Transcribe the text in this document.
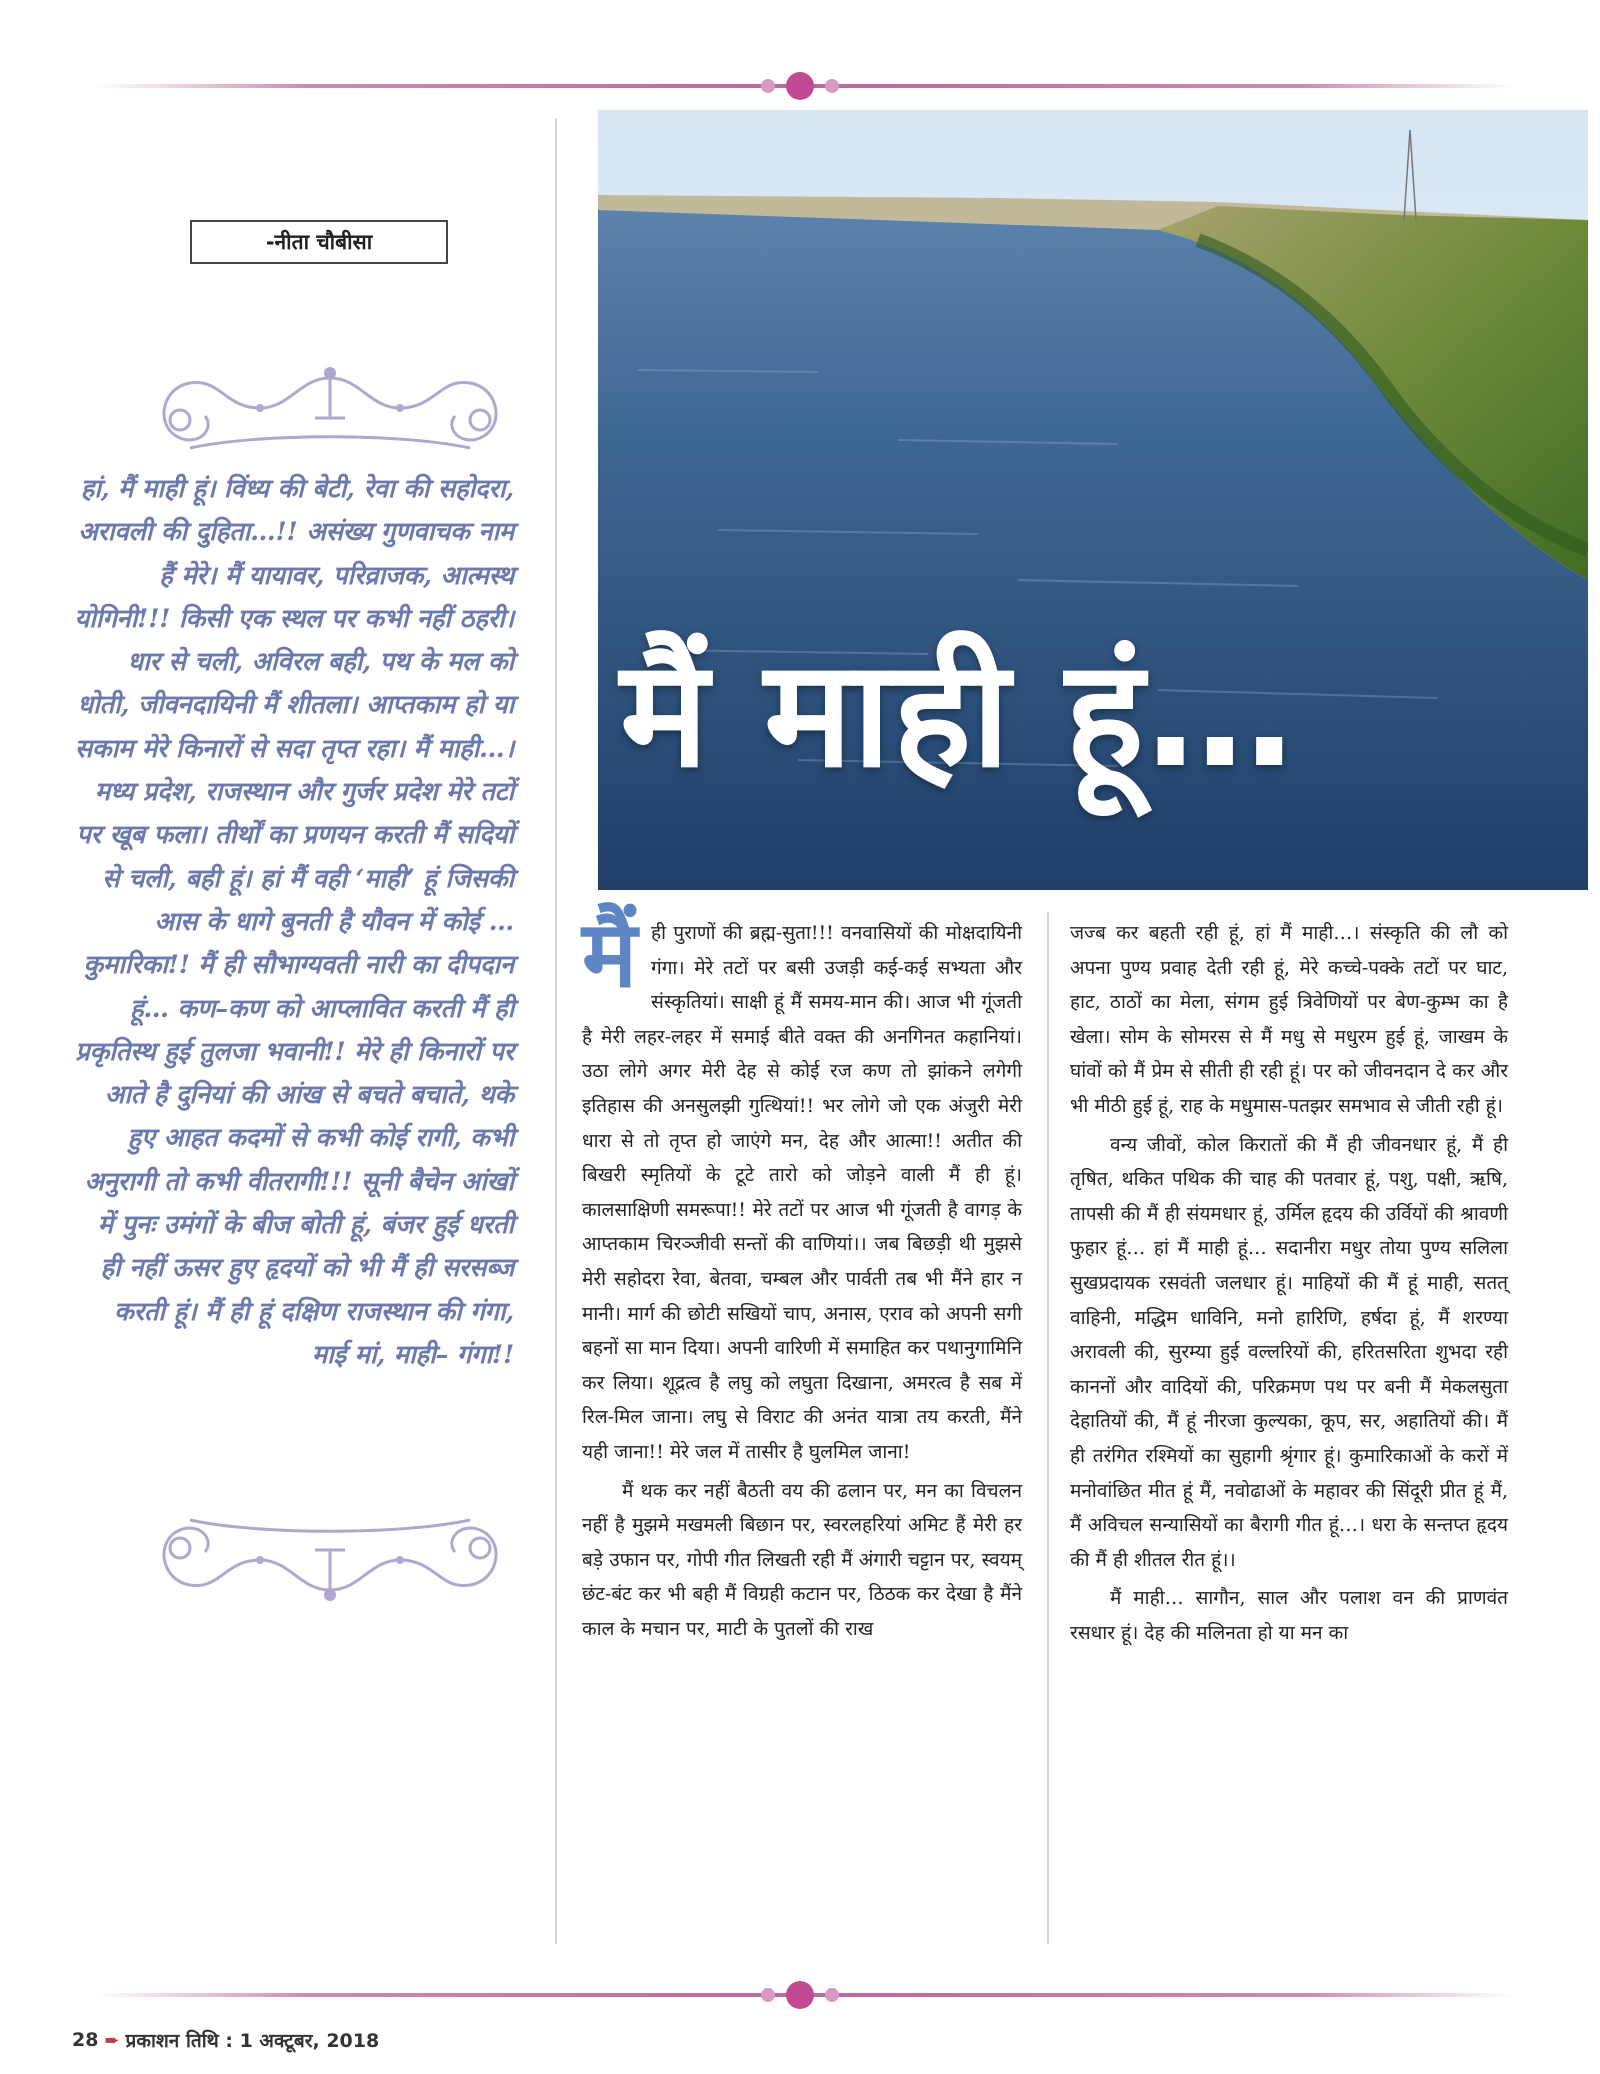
-नीता चौबीसा
हां, मैं माही हूं। विंध्य की बेटी, रेवा की सहोदरा, अरावली की दुहिता…!! असंख्य गुणवाचक नाम हैं मेरे। मैं यायावर, परिव्राजक, आत्मस्थ योगिनी!!! किसी एक स्थल पर कभी नहीं ठहरी। धार से चली, अविरल बही, पथ के मल को धोती, जीवनदायिनी मैं शीतला। आप्तकाम हो या सकाम मेरे किनारों से सदा तृप्त रहा। मैं माही…। मध्य प्रदेश, राजस्थान और गुर्जर प्रदेश मेरे तटों पर खूब फला। तीर्थों का प्रणयन करती मैं सदियों से चली, बही हूं। हां मैं वही ‘माही’ हूं जिसकी आस के धागे बुनती है यौवन में कोई …कुमारिका!! मैं ही सौभाग्यवती नारी का दीपदान हूं… कण–कण को आप्लावित करती मैं ही प्रकृतिस्थ हुई तुलजा भवानी!! मेरे ही किनारों पर आते है दुनियां की आंख से बचते बचाते, थके हुए आहत कदमों से कभी कोई रागी, कभी अनुरागी तो कभी वीतरागी!!! सूनी बैचेन आंखों में पुनः उमंगों के बीज बोती हूं, बंजर हुई धरती ही नहीं ऊसर हुए हृदयों को भी मैं ही सरसब्ज करती हूं। मैं ही हूं दक्षिण राजस्थान की गंगा, माई मां, माही– गंगा!!
मैं माही हूं…

मैंही पुराणों की ब्रह्म-सुता!!! वनवासियों की मोक्षदायिनी गंगा। मेरे तटों पर बसी उजड़ी कई-कई सभ्यता और संस्कृतियां। साक्षी हूं मैं समय-मान की। आज भी गूंजती है मेरी लहर-लहर में समाई बीते वक्त की अनगिनत कहानियां। उठा लोगे अगर मेरी देह से कोई रज कण तो झांकने लगेगी इतिहास की अनसुलझी गुत्थियां!! भर लोगे जो एक अंजुरी मेरी धारा से तो तृप्त हो जाएंगे मन, देह और आत्मा!! अतीत की बिखरी स्मृतियों के टूटे तारो को जोड़ने वाली मैं ही हूं। कालसाक्षिणी समरूपा!! मेरे तटों पर आज भी गूंजती है वागड़ के आप्तकाम चिरञ्जीवी सन्तों की वाणियां।। जब बिछड़ी थी मुझसे मेरी सहोदरा रेवा, बेतवा, चम्बल और पार्वती तब भी मैंने हार न मानी। मार्ग की छोटी सखियों चाप, अनास, एराव को अपनी सगी बहनों सा मान दिया। अपनी वारिणी में समाहित कर पथानुगामिनि कर लिया। शूद्रत्व है लघु को लघुता दिखाना, अमरत्व है सब में रिल-मिल जाना। लघु से विराट की अनंत यात्रा तय करती, मैंने यही जाना!! मेरे जल में तासीर है घुलमिल जाना!

मैं थक कर नहीं बैठती वय की ढलान पर, मन का विचलन नहीं है मुझमे मखमली बिछान पर, स्वरलहरियां अमिट हैं मेरी हर बड़े उफान पर, गोपी गीत लिखती रही मैं अंगारी चट्टान पर, स्वयम् छंट-बंट कर भी बही मैं विग्रही कटान पर, ठिठक कर देखा है मैंने काल के मचान पर, माटी के पुतलों की राख

जज्ब कर बहती रही हूं, हां मैं माही…। संस्कृति की लौ को अपना पुण्य प्रवाह देती रही हूं, मेरे कच्चे-पक्के तटों पर घाट, हाट, ठाठों का मेला, संगम हुई त्रिवेणियों पर बेण-कुम्भ का है खेला। सोम के सोमरस से मैं मधु से मधुरम हुई हूं, जाखम के घांवों को मैं प्रेम से सीती ही रही हूं। पर को जीवनदान दे कर और भी मीठी हुई हूं, राह के मधुमास-पतझर समभाव से जीती रही हूं।

वन्य जीवों, कोल किरातों की मैं ही जीवनधार हूं, मैं ही तृषित, थकित पथिक की चाह की पतवार हूं, पशु, पक्षी, ऋषि, तापसी की मैं ही संयमधार हूं, उर्मिल हृदय की उर्वियों की श्रावणी फुहार हूं… हां मैं माही हूं… सदानीरा मधुर तोया पुण्य सलिला सुखप्रदायक रसवंती जलधार हूं। माहियों की मैं हूं माही, सतत् वाहिनी, मद्धिम धाविनि, मनो हारिणि, हर्षदा हूं, मैं शरण्या अरावली की, सुरम्या हुई वल्लरियों की, हरितसरिता शुभदा रही काननों और वादियों की, परिक्रमण पथ पर बनी मैं मेकलसुता देहातियों की, मैं हूं नीरजा कुल्यका, कूप, सर, अहातियों की। मैं ही तरंगित रश्मियों का सुहागी श्रृंगार हूं। कुमारिकाओं के करों में मनोवांछित मीत हूं मैं, नवोढाओं के महावर की सिंदूरी प्रीत हूं मैं, मैं अविचल सन्यासियों का बैरागी गीत हूं…। धरा के सन्तप्त हृदय की मैं ही शीतल रीत हूं।।

मैं माही… सागौन, साल और पलाश वन की प्राणवंत रसधार हूं। देह की मलिनता हो या मन का

28 ➨ प्रकाशन तिथि : 1 अक्टूबर, 2018
